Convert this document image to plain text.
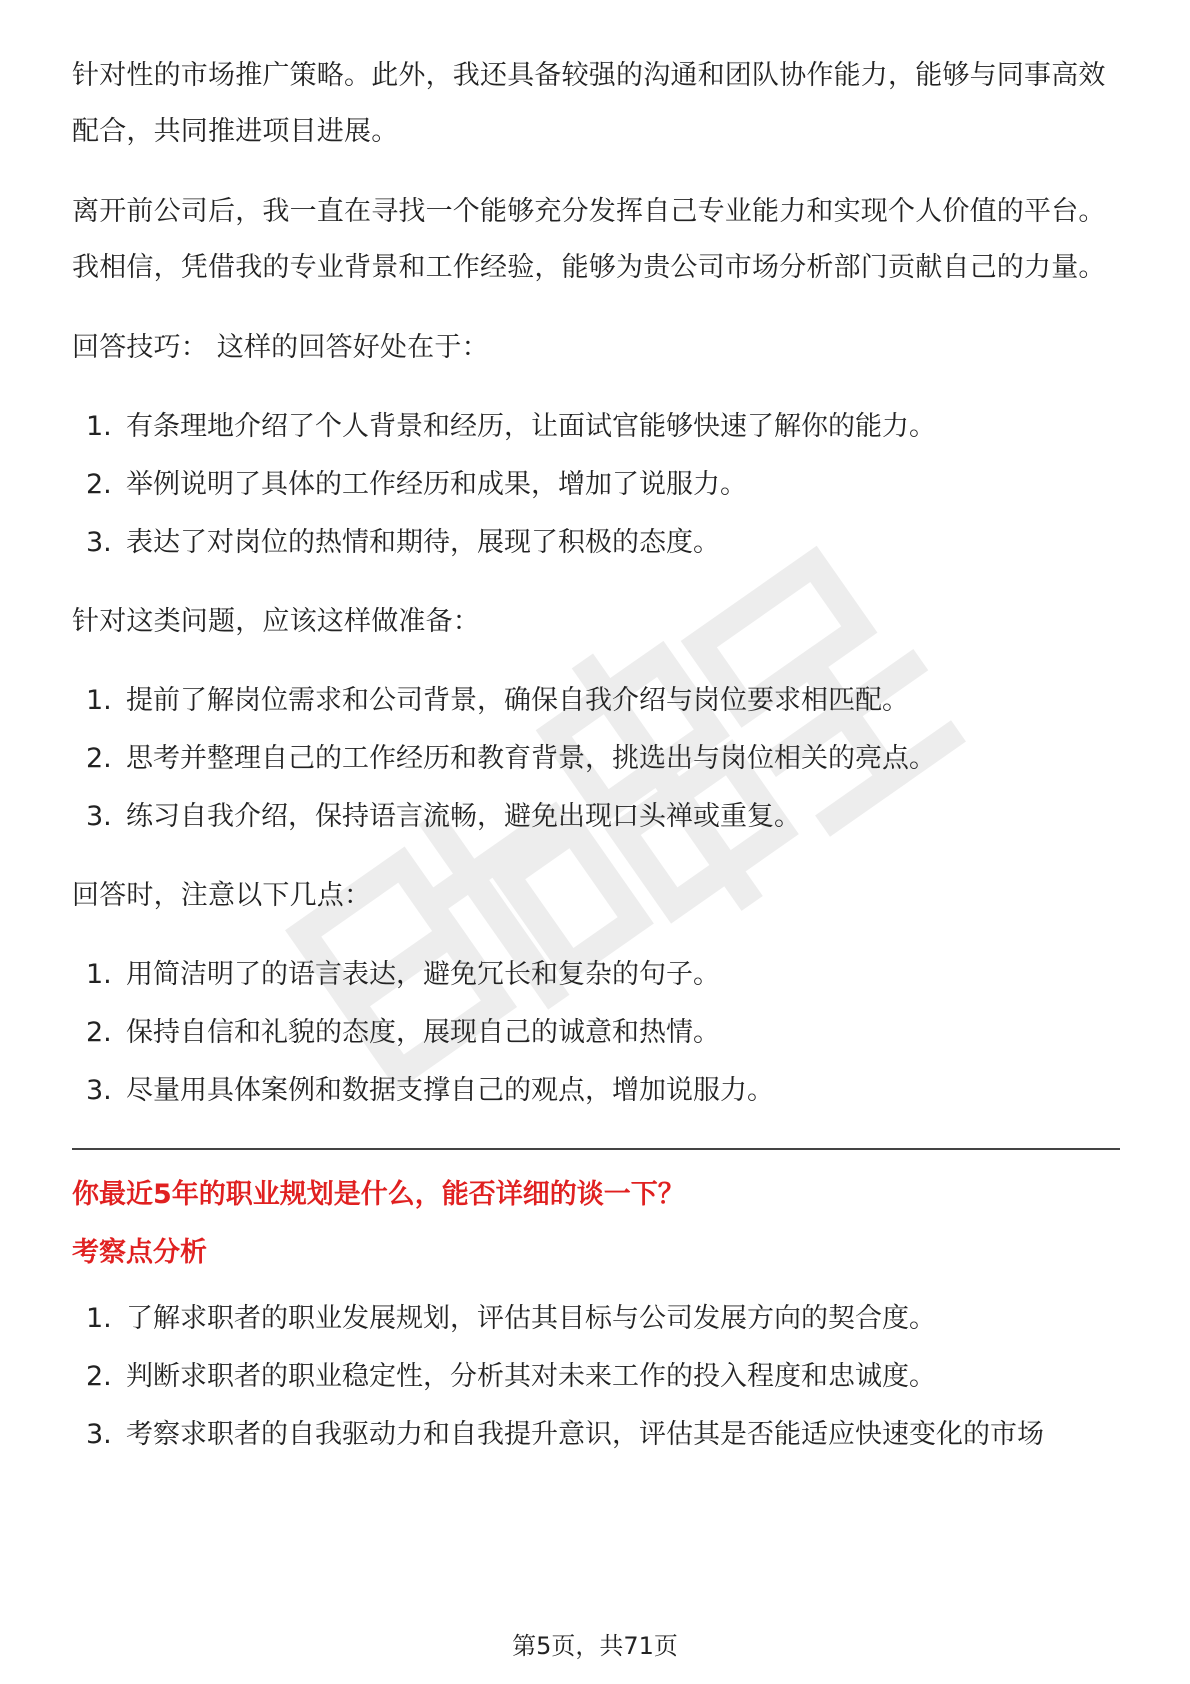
针对性的市场推广策略。此外，我还具备较强的沟通和团队协作能力，能够与同事高效配合，共同推进项目进展。

离开前公司后，我一直在寻找一个能够充分发挥自己专业能力和实现个人价值的平台。我相信，凭借我的专业背景和工作经验，能够为贵公司市场分析部门贡献自己的力量。

回答技巧： 这样的回答好处在于：

1. 有条理地介绍了个人背景和经历，让面试官能够快速了解你的能力。
2. 举例说明了具体的工作经历和成果，增加了说服力。
3. 表达了对岗位的热情和期待，展现了积极的态度。

针对这类问题，应该这样做准备：

1. 提前了解岗位需求和公司背景，确保自我介绍与岗位要求相匹配。
2. 思考并整理自己的工作经历和教育背景，挑选出与岗位相关的亮点。
3. 练习自我介绍，保持语言流畅，避免出现口头禅或重复。

回答时，注意以下几点：

1. 用简洁明了的语言表达，避免冗长和复杂的句子。
2. 保持自信和礼貌的态度，展现自己的诚意和热情。
3. 尽量用具体案例和数据支撑自己的观点，增加说服力。

你最近5年的职业规划是什么，能否详细的谈一下？

考察点分析

1. 了解求职者的职业发展规划，评估其目标与公司发展方向的契合度。
2. 判断求职者的职业稳定性，分析其对未来工作的投入程度和忠诚度。
3. 考察求职者的自我驱动力和自我提升意识，评估其是否能适应快速变化的市场
第5页，共71页
